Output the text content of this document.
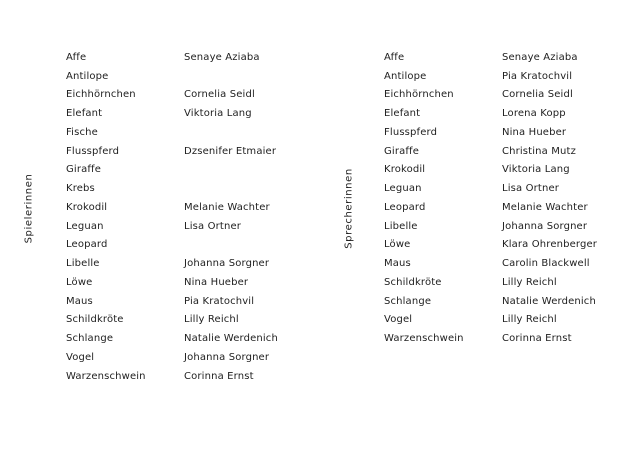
Spielerinnen
Affe	Senaye Aziaba
Antilope
Eichhörnchen	Cornelia Seidl
Elefant	Viktoria Lang
Fische
Flusspferd	Dzsenifer Etmaier
Giraffe
Krebs
Krokodil	Melanie Wachter
Leguan	Lisa Ortner
Leopard
Libelle	Johanna Sorgner
Löwe	Nina Hueber
Maus	Pia Kratochvil
Schildkröte	Lilly Reichl
Schlange	Natalie Werdenich
Vogel	Johanna Sorgner
Warzenschwein	Corinna Ernst
Sprecherinnen
Affe	Senaye Aziaba
Antilope	Pia Kratochvil
Eichhörnchen	Cornelia Seidl
Elefant	Lorena Kopp
Flusspferd	Nina Hueber
Giraffe	Christina Mutz
Krokodil	Viktoria Lang
Leguan	Lisa Ortner
Leopard	Melanie Wachter
Libelle	Johanna Sorgner
Löwe	Klara Ohrenberger
Maus	Carolin Blackwell
Schildkröte	Lilly Reichl
Schlange	Natalie Werdenich
Vogel	Lilly Reichl
Warzenschwein	Corinna Ernst
